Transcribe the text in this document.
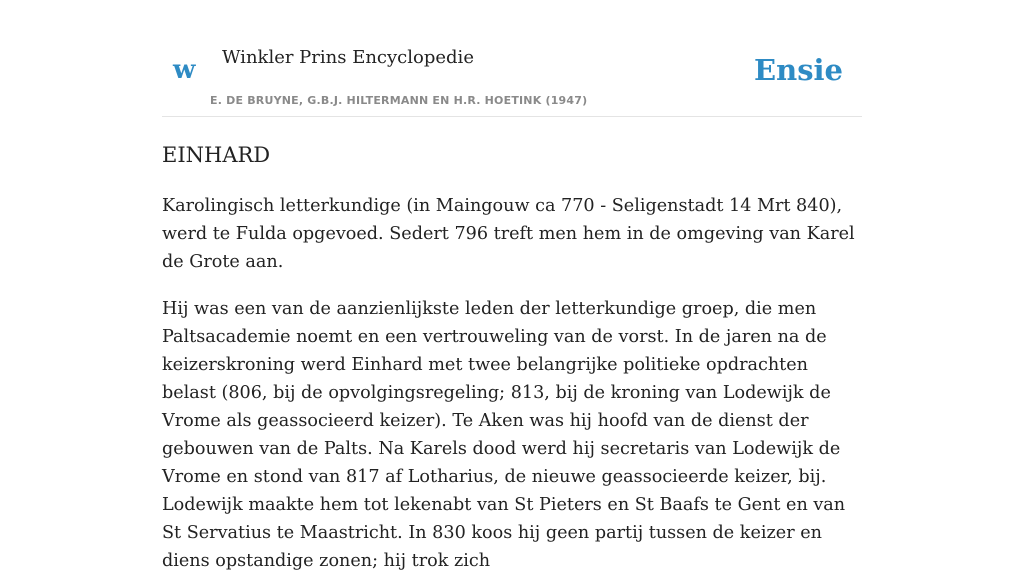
w Winkler Prins Encyclopedie
E. DE BRUYNE, G.B.J. HILTERMANN EN H.R. HOETINK (1947)
Ensie
EINHARD

Karolingisch letterkundige (in Maingouw ca 770 - Seligenstadt 14 Mrt 840), werd te Fulda opgevoed. Sedert 796 treft men hem in de omgeving van Karel de Grote aan.

Hij was een van de aanzienlijkste leden der letterkundige groep, die men Paltsacademie noemt en een vertrouweling van de vorst. In de jaren na de keizerskroning werd Einhard met twee belangrijke politieke opdrachten belast (806, bij de opvolgingsregeling; 813, bij de kroning van Lodewijk de Vrome als geassocieerd keizer). Te Aken was hij hoofd van de dienst der gebouwen van de Palts. Na Karels dood werd hij secretaris van Lodewijk de Vrome en stond van 817 af Lotharius, de nieuwe geassocieerde keizer, bij. Lodewijk maakte hem tot lekenabt van St Pieters en St Baafs te Gent en van St Servatius te Maastricht. In 830 koos hij geen partij tussen de keizer en diens opstandige zonen; hij trok zich
